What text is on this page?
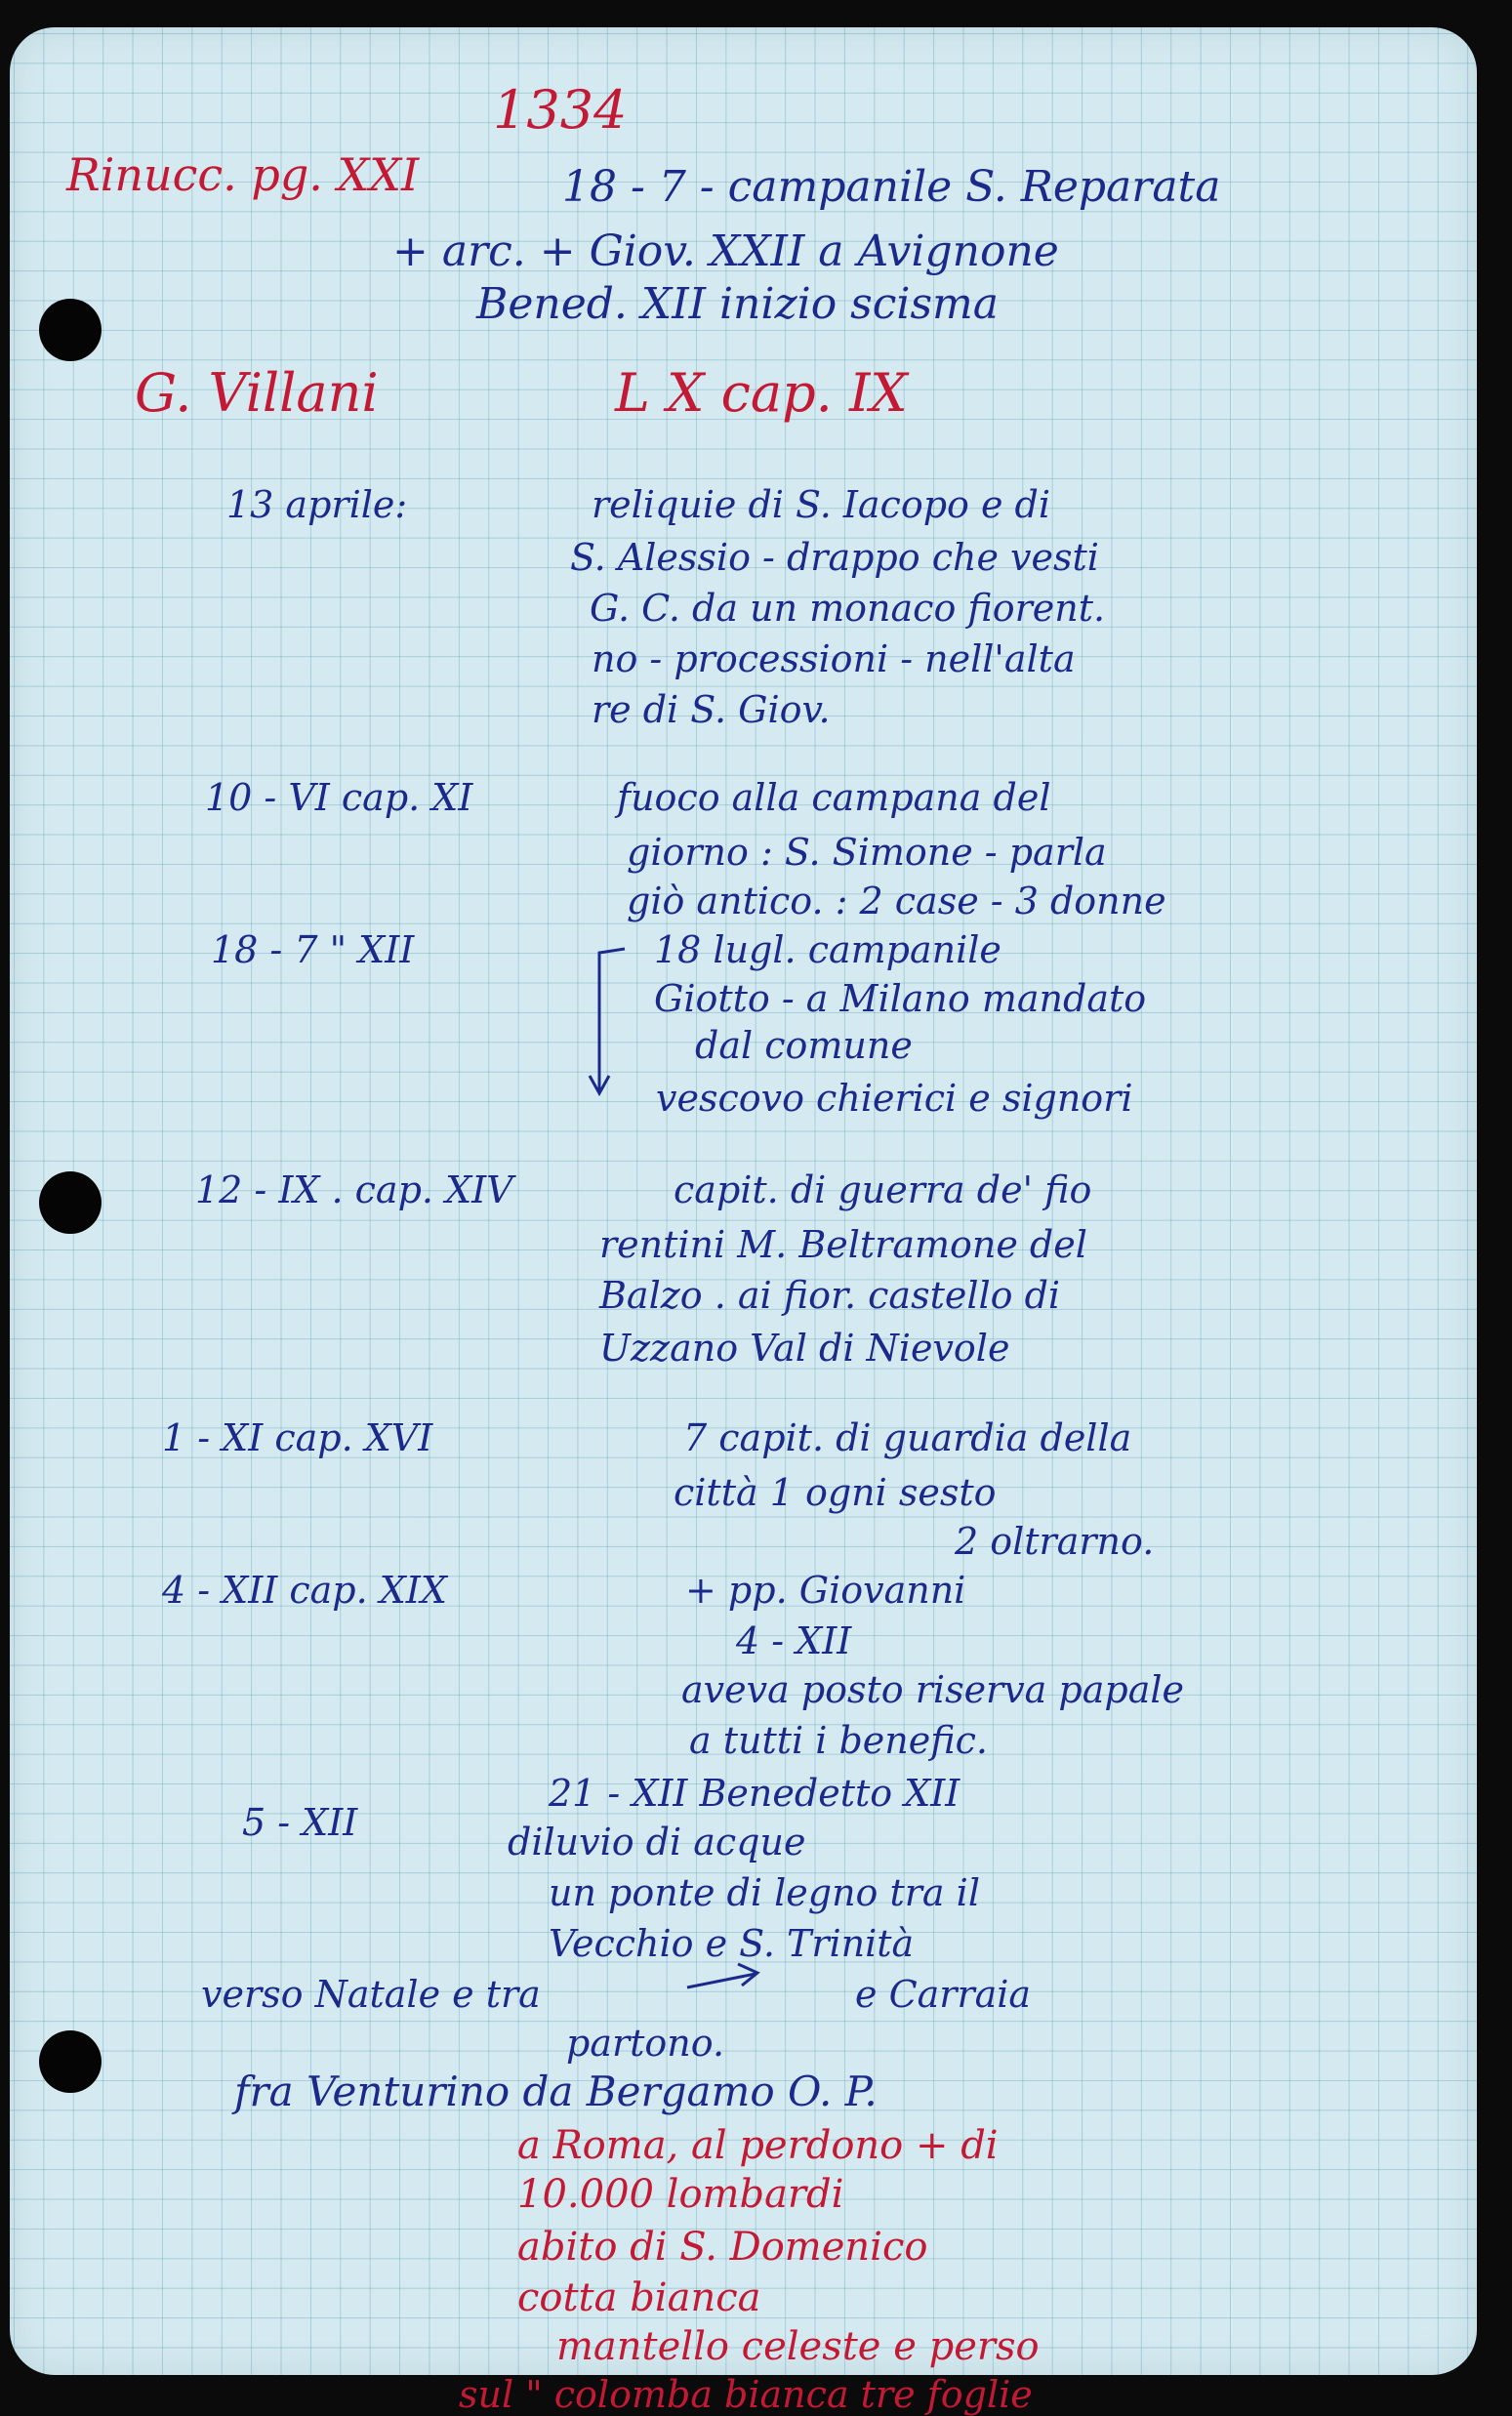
1334
Rinucc. pg. XXI	18 - 7 - campanile S. Reparata
+ arc. + Giov. XXII a Avignone
Bened. XII inizio scisma
G. Villani	L X cap. IX
13 aprile:	reliquie di S. Iacopo e di
S. Alessio - drappo che vesti
G. C. da un monaco fiorent.
no - processioni - nell'alta
re di S. Giov.
10 - VI cap. XI	fuoco alla campana del
giorno : S. Simone - parla
giò antico. : 2 case - 3 donne
18 - 7 " XII	18 lugl. campanile
Giotto - a Milano mandato
dal comune
vescovo chierici e signori
12 - IX . cap. XIV	capit. di guerra de' fio
rentini M. Beltramone del
Balzo . ai fior. castello di
Uzzano Val di Nievole
1 - XI cap. XVI	7 capit. di guardia della
città 1 ogni sesto
2 oltrarno.
4 - XII cap. XIX	+ pp. Giovanni
4 - XII
aveva posto riserva papale
a tutti i benefic.
21 - XII Benedetto XII
5 - XII	diluvio di acque
un ponte di legno tra il
Vecchio e S. Trinità
verso Natale e tra	e Carraia
partono.
fra Venturino da Bergamo O. P.
a Roma, al perdono + di
10.000 lombardi
abito di S. Domenico
cotta bianca
mantello celeste e perso
sul " colomba bianca tre foglie
